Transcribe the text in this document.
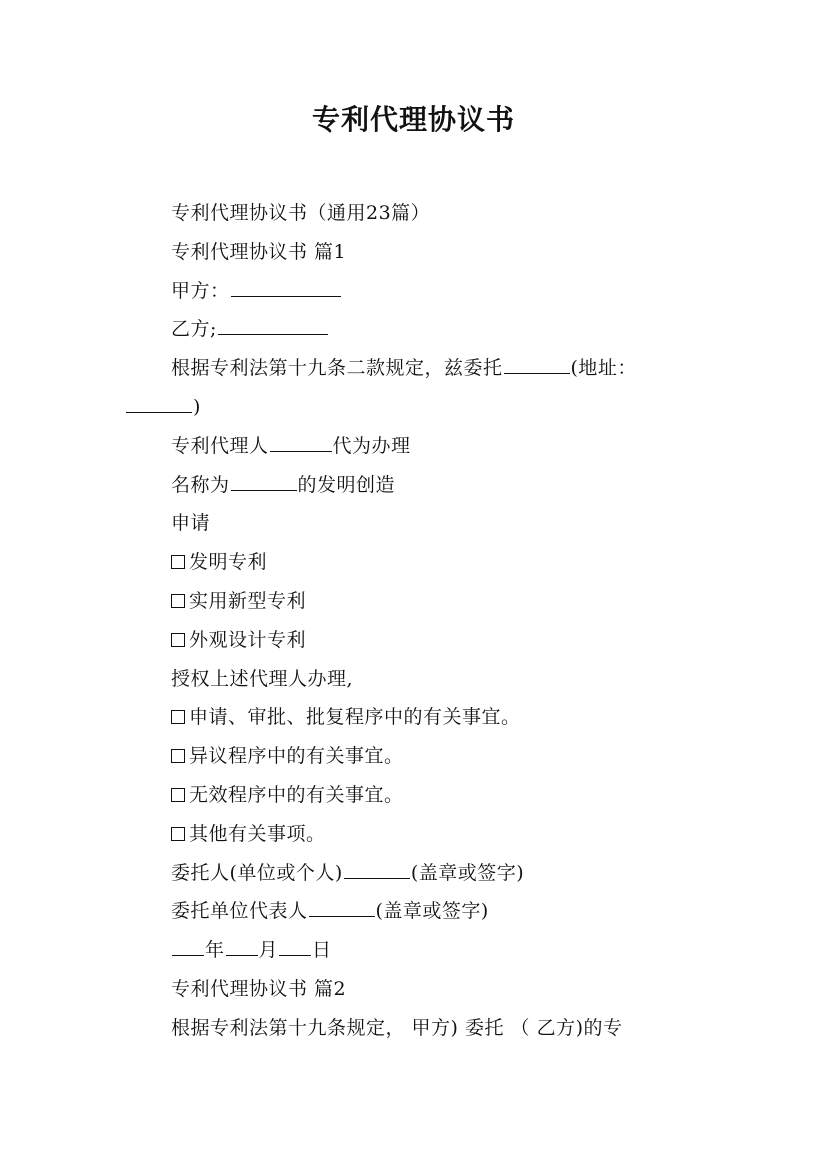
专利代理协议书
专利代理协议书（通用23篇）
专利代理协议书 篇1
甲方：
乙方;
根据专利法第十九条二款规定，兹委托	(地址：
)
专利代理人	代为办理
名称为	的发明创造
申请
发明专利
实用新型专利
外观设计专利
授权上述代理人办理,
申请、审批、批复程序中的有关事宜。
异议程序中的有关事宜。
无效程序中的有关事宜。
其他有关事项。
委托人(单位或个人)	(盖章或签字)
委托单位代表人	(盖章或签字)
年 月 日
专利代理协议书 篇2
根据专利法第十九条规定， 甲方) 委托 （ 乙方)的专
